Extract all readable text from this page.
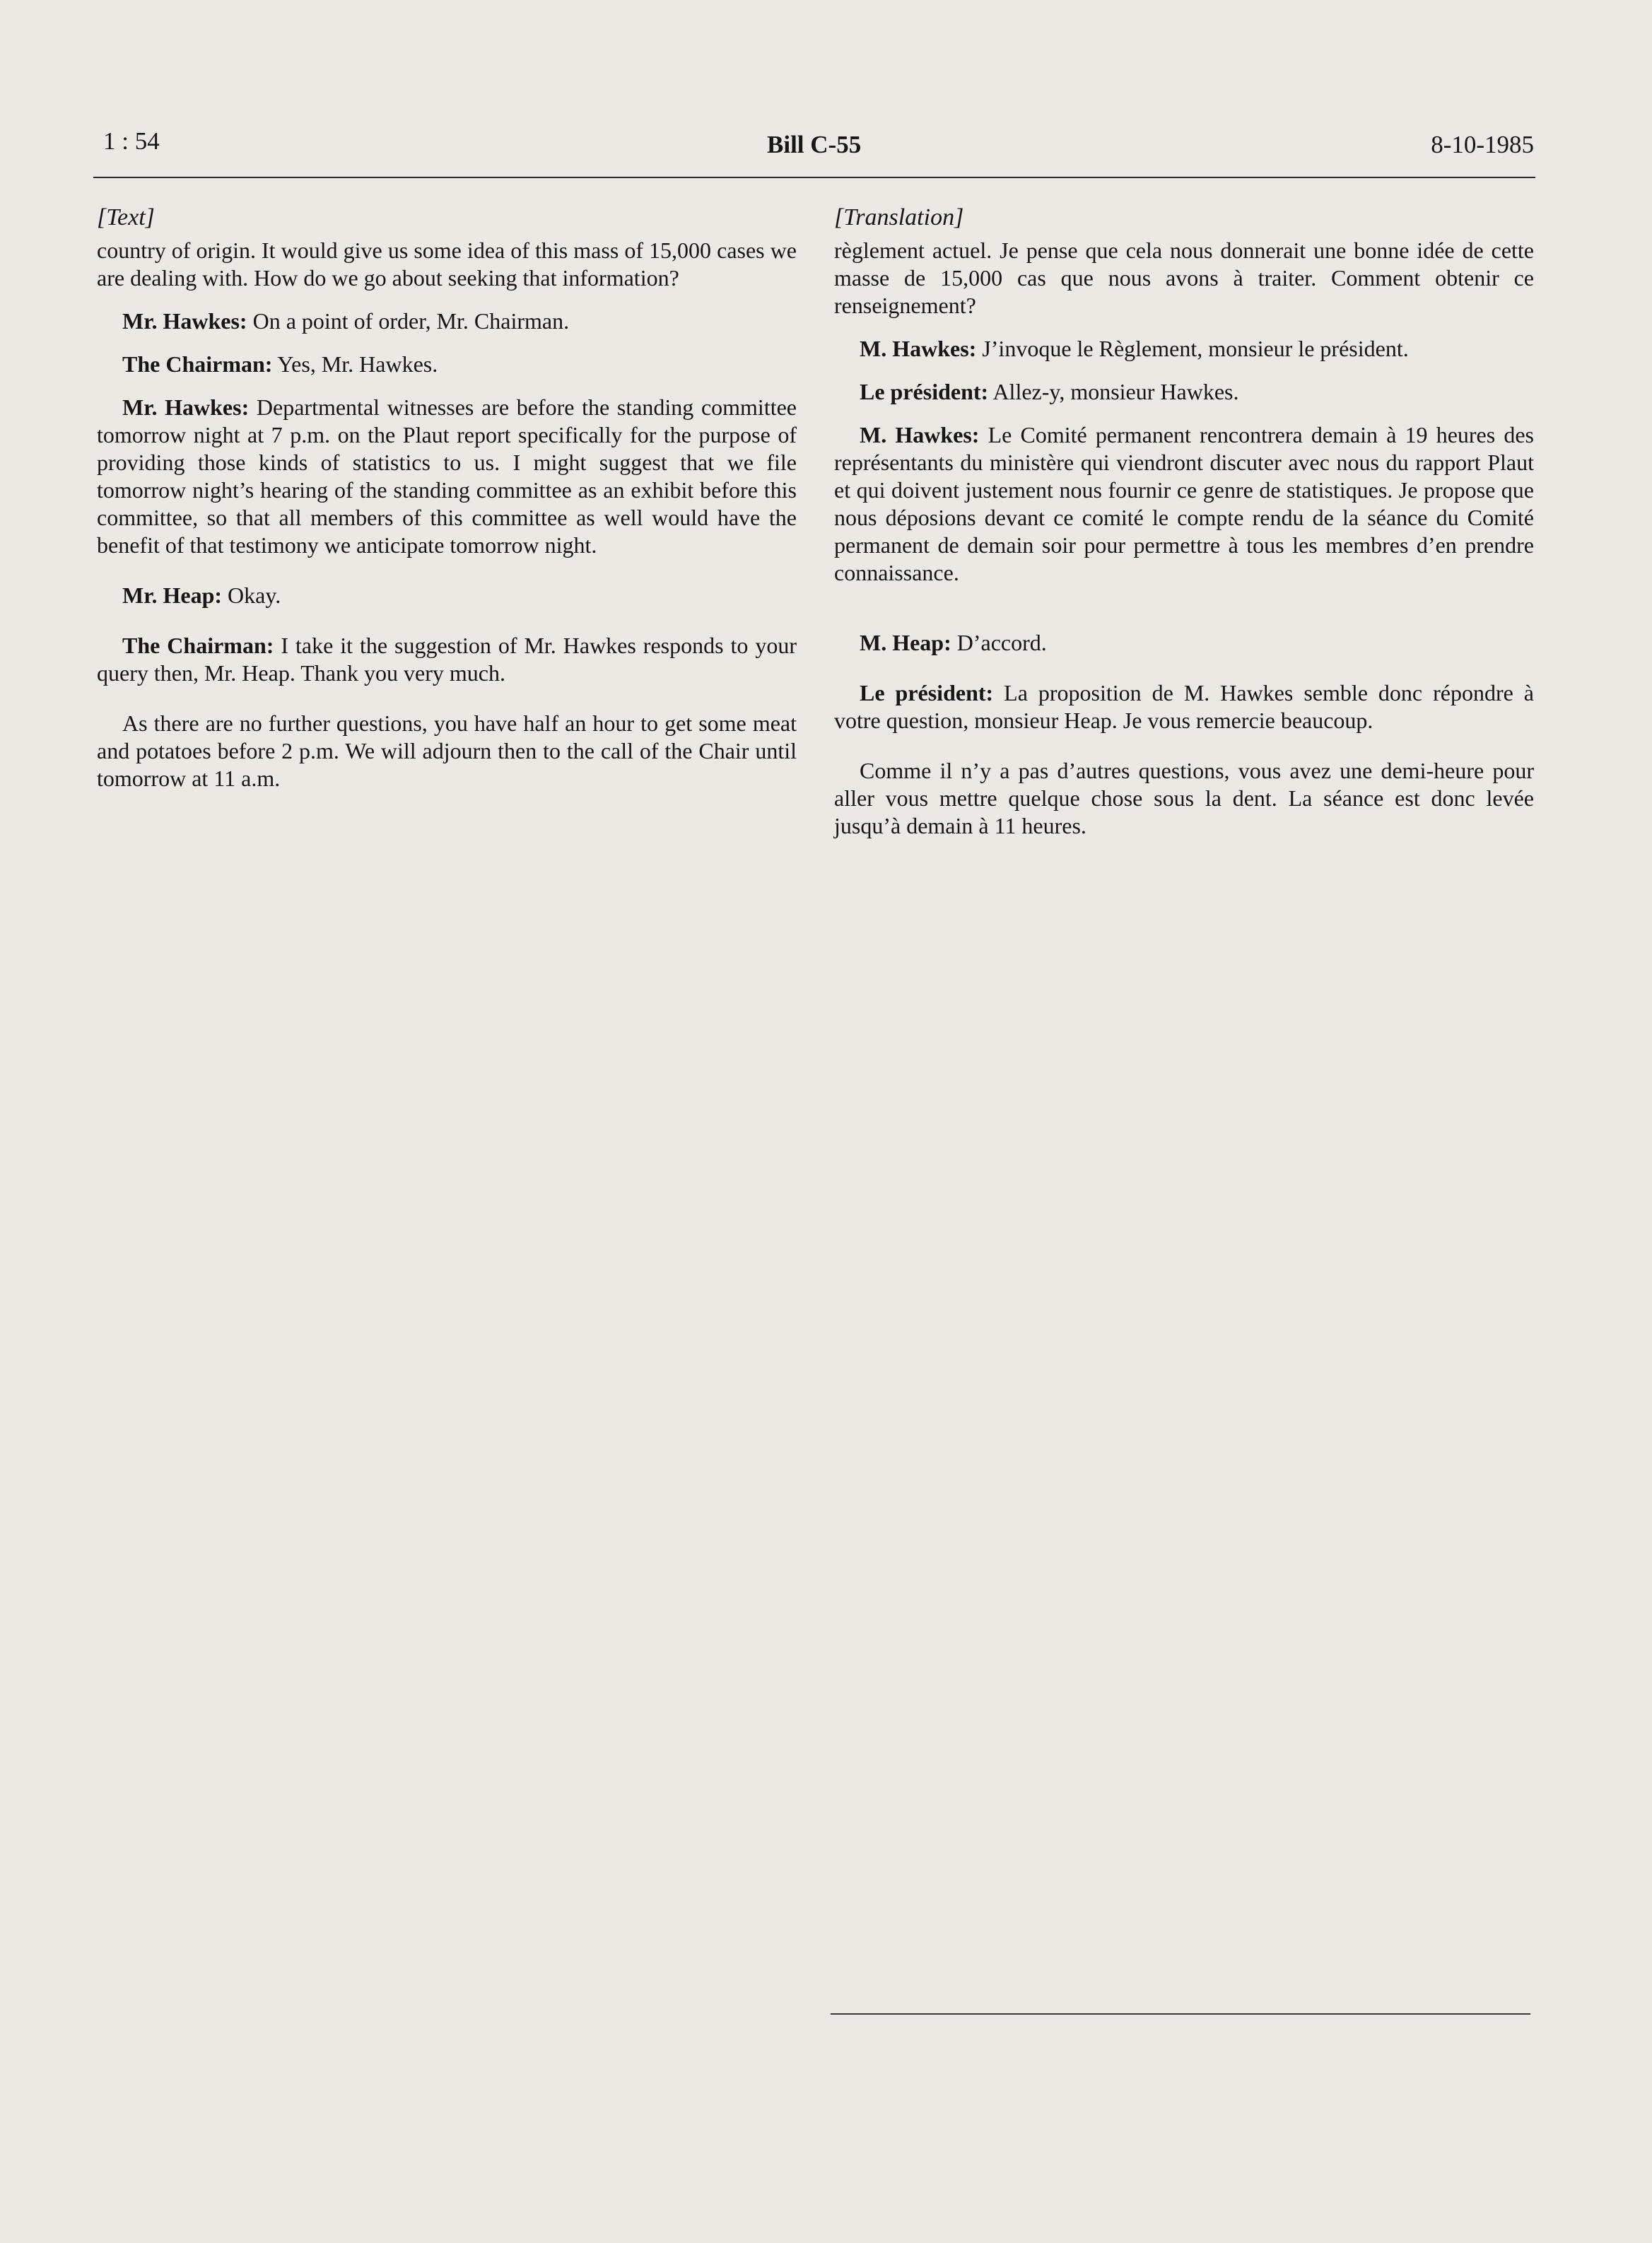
1 : 54	Bill C-55	8-10-1985
[Text]

country of origin. It would give us some idea of this mass of 15,000 cases we are dealing with. How do we go about seeking that information?

Mr. Hawkes: On a point of order, Mr. Chairman.

The Chairman: Yes, Mr. Hawkes.

Mr. Hawkes: Departmental witnesses are before the standing committee tomorrow night at 7 p.m. on the Plaut report specifically for the purpose of providing those kinds of statistics to us. I might suggest that we file tomorrow night’s hearing of the standing committee as an exhibit before this committee, so that all members of this committee as well would have the benefit of that testimony we anticipate tomorrow night.

Mr. Heap: Okay.

The Chairman: I take it the suggestion of Mr. Hawkes responds to your query then, Mr. Heap. Thank you very much.

As there are no further questions, you have half an hour to get some meat and potatoes before 2 p.m. We will adjourn then to the call of the Chair until tomorrow at 11 a.m.

[Translation]

règlement actuel. Je pense que cela nous donnerait une bonne idée de cette masse de 15,000 cas que nous avons à traiter. Comment obtenir ce renseignement?

M. Hawkes: J’invoque le Règlement, monsieur le président.

Le président: Allez-y, monsieur Hawkes.

M. Hawkes: Le Comité permanent rencontrera demain à 19 heures des représentants du ministère qui viendront discuter avec nous du rapport Plaut et qui doivent justement nous fournir ce genre de statistiques. Je propose que nous déposions devant ce comité le compte rendu de la séance du Comité permanent de demain soir pour permettre à tous les membres d’en prendre connaissance.

M. Heap: D’accord.

Le président: La proposition de M. Hawkes semble donc répondre à votre question, monsieur Heap. Je vous remercie beaucoup.

Comme il n’y a pas d’autres questions, vous avez une demi-heure pour aller vous mettre quelque chose sous la dent. La séance est donc levée jusqu’à demain à 11 heures.
